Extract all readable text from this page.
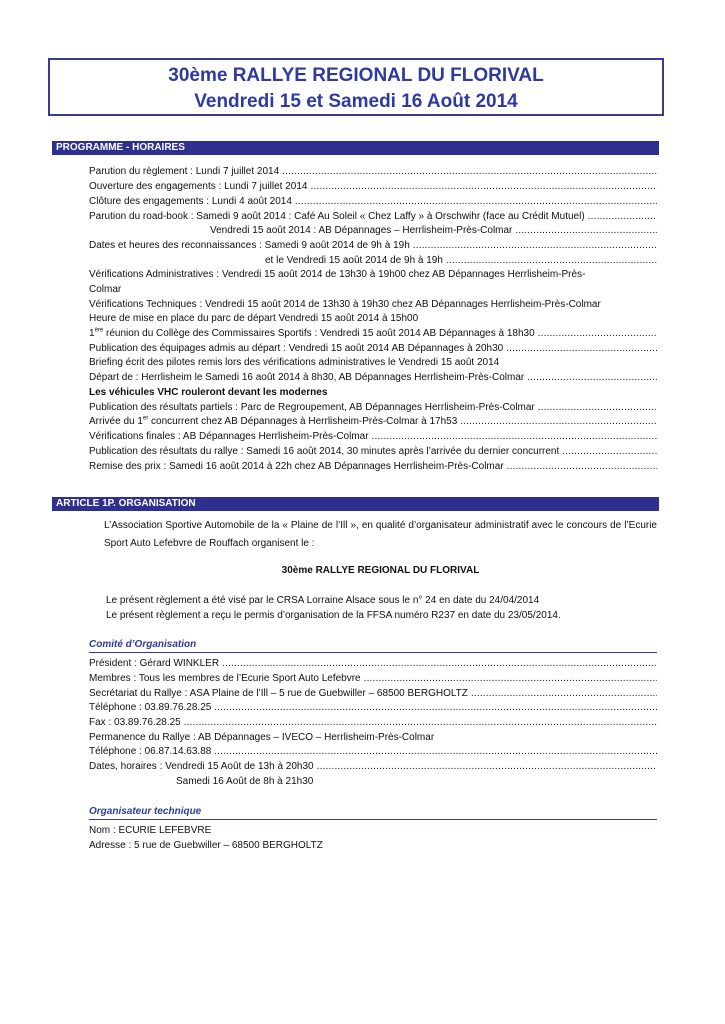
30ème RALLYE REGIONAL DU FLORIVAL
Vendredi 15 et Samedi 16 Août 2014
PROGRAMME - HORAIRES
Parution du règlement : Lundi 7 juillet 2014 .....
Ouverture des engagements : Lundi 7 juillet 2014 .....
Clôture des engagements : Lundi 4 août 2014 .....
Parution du road-book : Samedi 9 août 2014 : Café Au Soleil « Chez Laffy » à Orschwihr (face au Crédit Mutuel) .....
Vendredi 15 août 2014 : AB Dépannages – Herrlisheim-Près-Colmar .....
Dates et heures des reconnaissances : Samedi 9 août 2014 de 9h à 19h .....
et le Vendredi 15 août 2014 de 9h à 19h .....
Vérifications Administratives : Vendredi 15 août 2014 de 13h30 à 19h00 chez AB Dépannages Herrlisheim-Près-
Colmar
Vérifications Techniques : Vendredi 15 août 2014 de 13h30 à 19h30 chez AB Dépannages Herrlisheim-Près-Colmar
Heure de mise en place du parc de départ Vendredi 15 août 2014 à 15h00
1ère réunion du Collège des Commissaires Sportifs : Vendredi 15 août 2014 AB Dépannages à 18h30 .....
Publication des équipages admis au départ : Vendredi 15 août 2014 AB Dépannages à 20h30 .....
Briefing écrit des pilotes remis lors des vérifications administratives le Vendredi 15 août 2014
Départ de : Herrlisheim le Samedi 16 août 2014 à 8h30, AB Dépannages Herrlisheim-Près-Colmar .....
Les véhicules VHC rouleront devant les modernes
Publication des résultats partiels : Parc de Regroupement, AB Dépannages Herrlisheim-Près-Colmar .....
Arrivée du 1er concurrent chez AB Dépannages à Herrlisheim-Près-Colmar à 17h53 .....
Vérifications finales : AB Dépannages Herrlisheim-Près-Colmar .....
Publication des résultats du rallye : Samedi 16 août 2014, 30 minutes après l’arrivée du dernier concurrent .....
Remise des prix : Samedi 16 août 2014 à 22h chez AB Dépannages Herrlisheim-Près-Colmar .....
ARTICLE 1P. ORGANISATION
L’Association Sportive Automobile de la « Plaine de l’Ill », en qualité d’organisateur administratif avec le concours de l’Ecurie Sport Auto Lefebvre de Rouffach organisent le :
30ème RALLYE REGIONAL DU FLORIVAL
Le présent règlement a été visé par le CRSA Lorraine Alsace sous le n° 24 en date du 24/04/2014
Le présent règlement a reçu le permis d’organisation de la FFSA numéro R237 en date du 23/05/2014.
Comité d’Organisation
Président : Gérard WINKLER .....
Membres : Tous les membres de l’Ecurie Sport Auto Lefebvre .....
Secrétariat du Rallye : ASA Plaine de l’Ill – 5 rue de Guebwiller – 68500 BERGHOLTZ .....
Téléphone : 03.89.76.28.25 .....
Fax : 03.89.76.28.25 .....
Permanence du Rallye : AB Dépannages – IVECO – Herrlisheim-Près-Colmar
Téléphone : 06.87.14.63.88 .....
Dates, horaires : Vendredi 15 Août de 13h à 20h30 .....
Samedi 16 Août de 8h à 21h30
Organisateur technique
Nom : ECURIE LEFEBVRE
Adresse : 5 rue de Guebwiller – 68500 BERGHOLTZ
